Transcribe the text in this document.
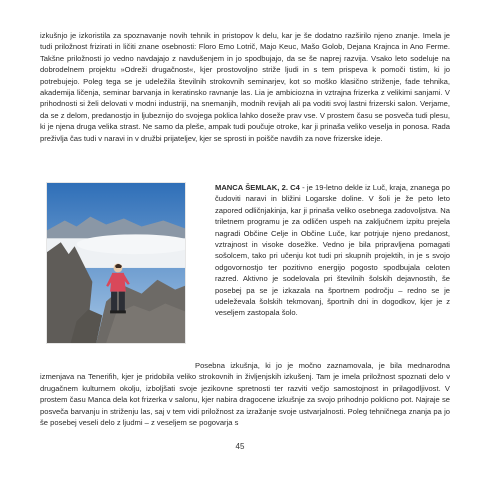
izkušnjo je izkoristila za spoznavanje novih tehnik in pristopov k delu, kar je še dodatno razširilo njeno znanje. Imela je tudi priložnost frizirati in ličiti znane osebnosti: Floro Emo Lotrič, Majo Keuc, Mašo Golob, Dejana Krajnca in Ano Ferme. Takšne priložnosti jo vedno navdajajo z navdušenjem in jo spodbujajo, da se še naprej razvija. Vsako leto sodeluje na dobrodelnem projektu »Odreži drugačnost«, kjer prostovoljno striže ljudi in s tem prispeva k pomoči tistim, ki jo potrebujejo. Poleg tega se je udeležila številnih strokovnih seminarjev, kot so moško klasično striženje, fade tehnika, akademija ličenja, seminar barvanja in keratinsko ravnanje las. Lia je ambiciozna in vztrajna frizerka z velikimi sanjami. V prihodnosti si želi delovati v modni industriji, na snemanjih, modnih revijah ali pa voditi svoj lastni frizerski salon. Verjame, da se z delom, predanostjo in ljubeznijo do svojega poklica lahko doseže prav vse. V prostem času se posveča tudi plesu, ki je njena druga velika strast. Ne samo da pleše, ampak tudi poučuje otroke, kar ji prinaša veliko veselja in ponosa. Rada preživlja čas tudi v naravi in v družbi prijateljev, kjer se sprosti in poišče navdih za nove frizerske ideje.

MANCA ŠEMLAK, 2. C4 - je 19-letno dekle iz Luč, kraja, znanega po čudoviti naravi in bližini Logarske doline. V šoli je že peto leto zapored odličnjakinja, kar ji prinaša veliko osebnega zadovoljstva. Na triletnem programu je za odličen uspeh na zaključnem izpitu prejela nagradi Občine Celje in Občine Luče, kar potrjuje njeno predanost, vztrajnost in visoke dosežke. Vedno je bila pripravljena pomagati sošolcem, tako pri učenju kot tudi pri skupnih projektih, in je s svojo odgovornostjo ter pozitivno energijo pogosto spodbujala celoten razred. Aktivno je sodelovala pri številnih šolskih dejavnostih, še posebej pa se je izkazala na športnem področju – redno se je udeleževala šolskih tekmovanj, športnih dni in dogodkov, kjer je z veseljem zastopala šolo.

Posebna izkušnja, ki jo je močno zaznamovala, je bila mednarodna izmenjava na Tenerifih, kjer je pridobila veliko strokovnih in življenjskih izkušenj. Tam je imela priložnost spoznati delo v drugačnem kulturnem okolju, izboljšati svoje jezikovne spretnosti ter razviti večjo samostojnost in prilagodljivost. V prostem času Manca dela kot frizerka v salonu, kjer nabira dragocene izkušnje za svojo prihodnjo poklicno pot. Najraje se posveča barvanju in striženju las, saj v tem vidi priložnost za izražanje svoje ustvarjalnosti. Poleg tehničnega znanja pa jo še posebej veseli delo z ljudmi – z veseljem se pogovarja s

45
